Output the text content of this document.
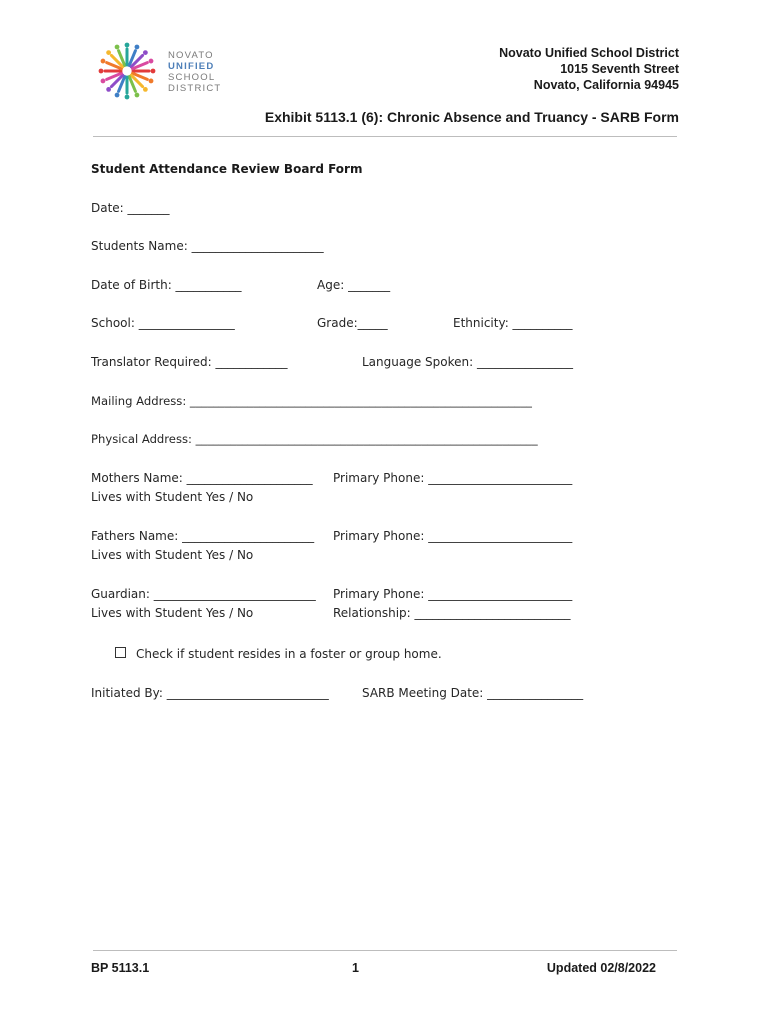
NOVATO
UNIFIED
SCHOOL
DISTRICT
Novato Unified School District
1015 Seventh Street
Novato, California 94945
Exhibit 5113.1 (6): Chronic Absence and Truancy - SARB Form
Student Attendance Review Board Form
Date: _______
Students Name: ______________________
Date of Birth: ___________	Age: _______
School: ________________	Grade:_____	Ethnicity: __________
Translator Required: ____________	Language Spoken: ________________
Mailing Address: ___________________________________________________________
Physical Address: ___________________________________________________________
Mothers Name: _____________________ Primary Phone: ________________________
Lives with Student Yes / No
Fathers Name: ______________________ Primary Phone: ________________________
Lives with Student Yes / No
Guardian: ___________________________ Primary Phone: ________________________
Lives with Student Yes / No	Relationship: __________________________
Check if student resides in a foster or group home.
Initiated By: ___________________________	SARB Meeting Date: ________________
BP 5113.1	1	Updated 02/8/2022
